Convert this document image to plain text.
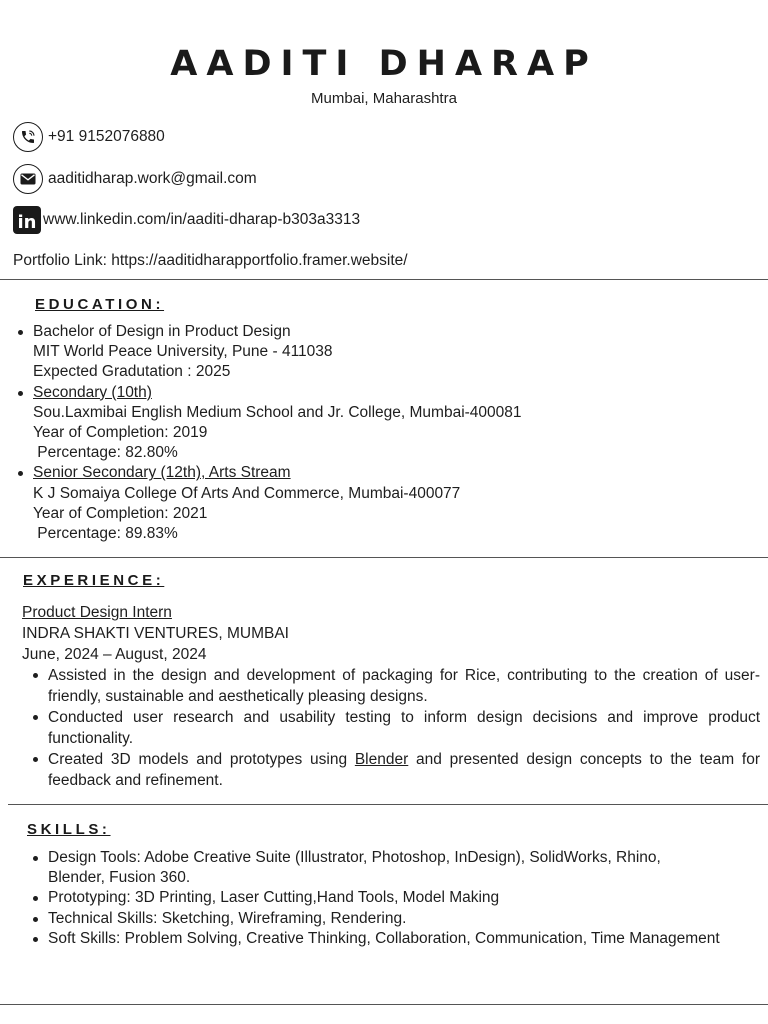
AADITI DHARAP
Mumbai, Maharashtra
+91 9152076880
aaditidharap.work@gmail.com
in www.linkedin.com/in/aaditi-dharap-b303a3313
Portfolio Link: https://aaditidharapportfolio.framer.website/
EDUCATION:
Bachelor of Design in Product Design
MIT World Peace University, Pune - 411038
Expected Gradutation : 2025
Secondary (10th)
Sou.Laxmibai English Medium School and Jr. College, Mumbai-400081
Year of Completion: 2019
Percentage: 82.80%
Senior Secondary (12th), Arts Stream
K J Somaiya College Of Arts And Commerce, Mumbai-400077
Year of Completion: 2021
Percentage: 89.83%
EXPERIENCE:
Product Design Intern
INDRA SHAKTI VENTURES, MUMBAI
June, 2024 – August, 2024
Assisted in the design and development of packaging for Rice, contributing to the creation of user-friendly, sustainable and aesthetically pleasing designs.
Conducted user research and usability testing to inform design decisions and improve product functionality.
Created 3D models and prototypes using Blender and presented design concepts to the team for feedback and refinement.
SKILLS:
Design Tools: Adobe Creative Suite (Illustrator, Photoshop, InDesign), SolidWorks, Rhino, Blender, Fusion 360.
Prototyping: 3D Printing, Laser Cutting,Hand Tools, Model Making
Technical Skills: Sketching, Wireframing, Rendering.
Soft Skills: Problem Solving, Creative Thinking, Collaboration, Communication, Time Management
